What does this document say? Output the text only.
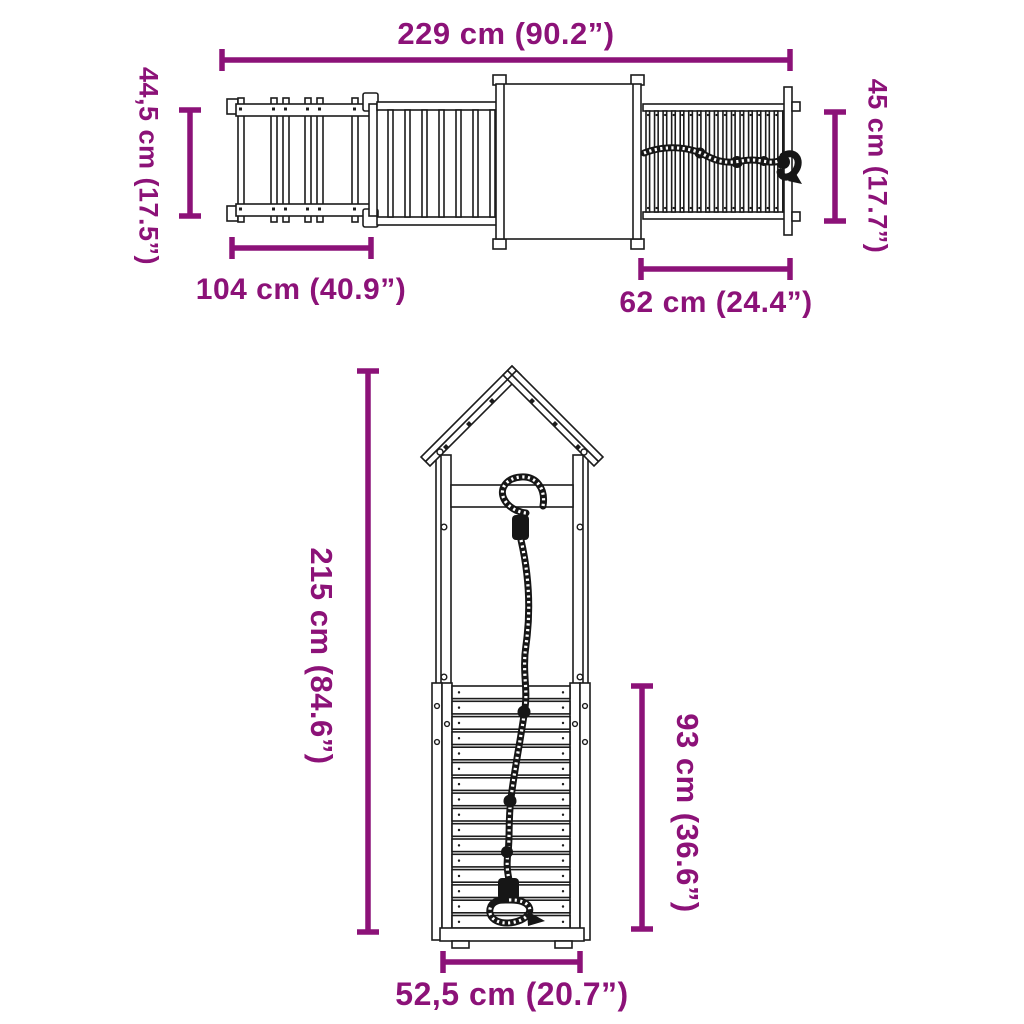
229 cm (90.2”)
44,5 cm (17.5”)	45 cm (17.7”)
104 cm (40.9”)	62 cm (24.4”)
215 cm (84.6”)
93 cm (36.6”)
52,5 cm (20.7”)
